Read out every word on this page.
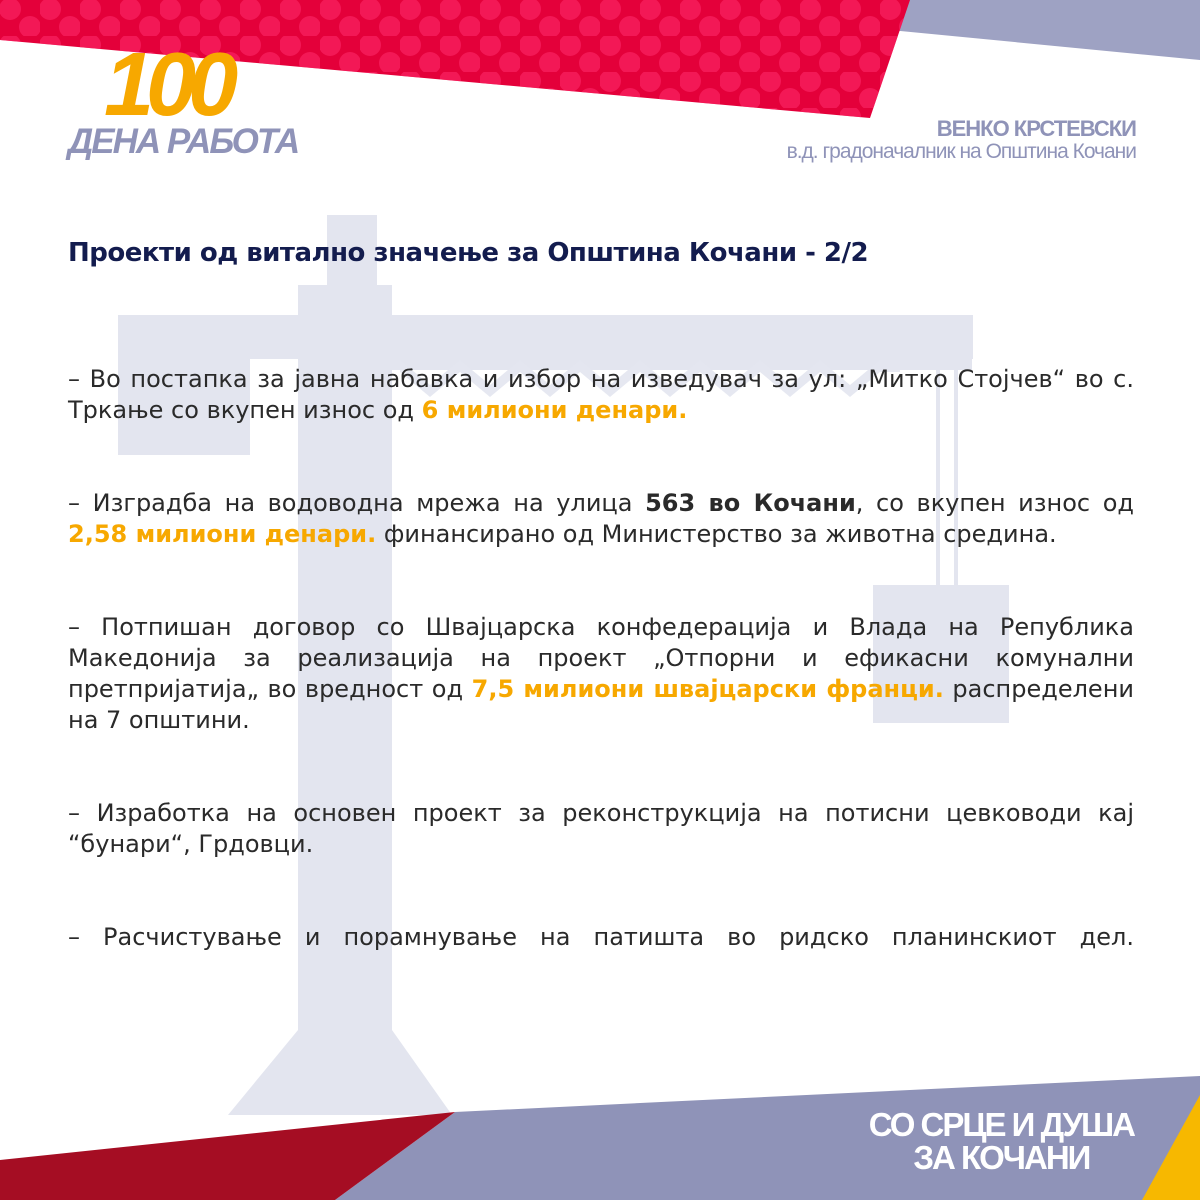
100
ДЕНА РАБОТА	ВЕНКО КРСТЕВСКИ
в.д. градоначалник на Општина Кочани
Проекти од витално значење за Општина Кочани - 2/2

– Во постапка за јавна набавка и избор на изведувач за ул: „Митко Стојчев“ во с. Тркање со вкупен износ од 6 милиони денари.

– Изградба на водоводна мрежа на улица 563 во Кочани, со вкупен износ од 2,58 милиони денари. финансирано од Министерство за животна средина.

– Потпишан договор со Швајцарска конфедерација и Влада на Република Македонија за реализација на проект „Отпорни и ефикасни комунални претпријатија„ во вредност од 7,5 милиони швајцарски франци. распределени на 7 општини.

– Изработка на основен проект за реконструкција на потисни цевководи кај “бунари“, Грдовци.

– Расчистување и порамнување на патишта во ридско планинскиот дел.

СО СРЦЕ И ДУША
ЗА КОЧАНИ
